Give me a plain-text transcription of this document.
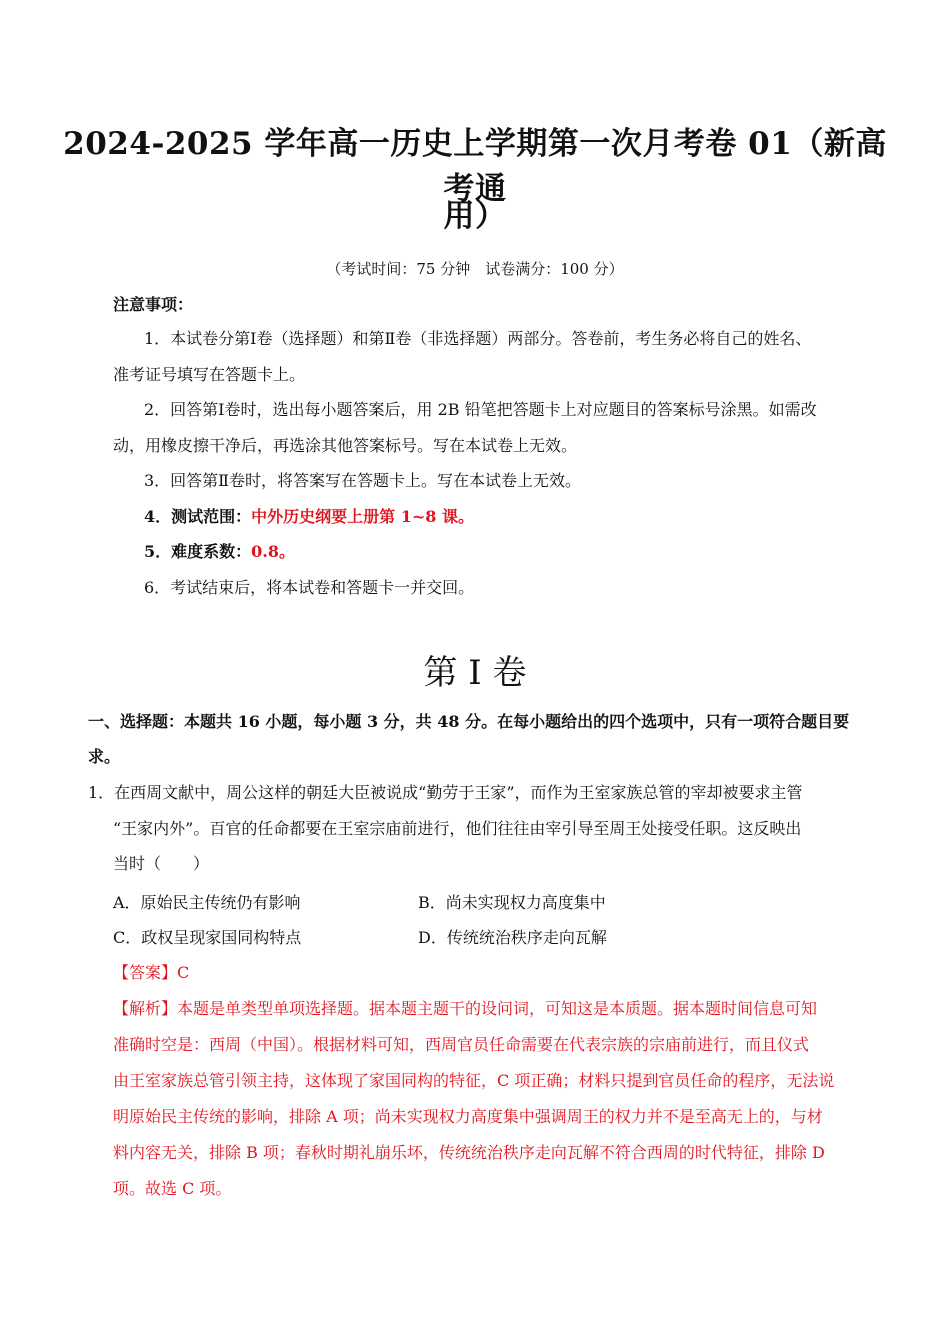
2024-2025 学年高一历史上学期第一次月考卷 01（新高考通
用）
（考试时间：75 分钟　试卷满分：100 分）
注意事项：
1．本试卷分第Ⅰ卷（选择题）和第Ⅱ卷（非选择题）两部分。答卷前，考生务必将自己的姓名、
准考证号填写在答题卡上。
2．回答第Ⅰ卷时，选出每小题答案后，用 2B 铅笔把答题卡上对应题目的答案标号涂黑。如需改
动，用橡皮擦干净后，再选涂其他答案标号。写在本试卷上无效。
3．回答第Ⅱ卷时，将答案写在答题卡上。写在本试卷上无效。
4．测试范围：中外历史纲要上册第 1~8 课。
5．难度系数：0.8。
6．考试结束后，将本试卷和答题卡一并交回。
第 I 卷
一、选择题：本题共 16 小题，每小题 3 分，共 48 分。在每小题给出的四个选项中，只有一项符合题目要
求。
1．在西周文献中，周公这样的朝廷大臣被说成“勤劳于王家”，而作为王室家族总管的宰却被要求主管
“王家内外”。百官的任命都要在王室宗庙前进行，他们往往由宰引导至周王处接受任职。这反映出
当时（　　）
A．原始民主传统仍有影响	B．尚未实现权力高度集中
C．政权呈现家国同构特点	D．传统统治秩序走向瓦解
【答案】C
【解析】本题是单类型单项选择题。据本题主题干的设问词，可知这是本质题。据本题时间信息可知
准确时空是：西周（中国）。根据材料可知，西周官员任命需要在代表宗族的宗庙前进行，而且仪式
由王室家族总管引领主持，这体现了家国同构的特征，C 项正确；材料只提到官员任命的程序，无法说
明原始民主传统的影响，排除 A 项；尚未实现权力高度集中强调周王的权力并不是至高无上的，与材
料内容无关，排除 B 项；春秋时期礼崩乐坏，传统统治秩序走向瓦解不符合西周的时代特征，排除 D
项。故选 C 项。
